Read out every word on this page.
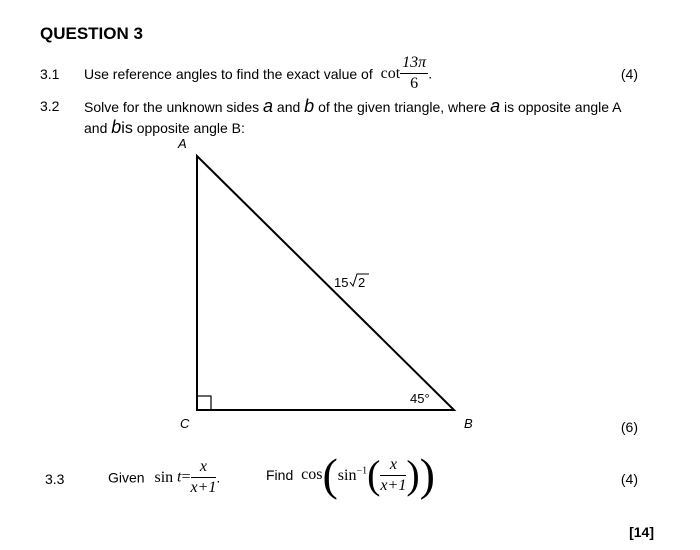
QUESTION 3
3.1 Use reference angles to find the exact value of $\cot \frac{13\pi}{6}$ .	(4)
3.2 Solve for the unknown sides a and b of the given triangle, where a is opposite angle A
and bis opposite angle B:
(6)
A
C	B
15 2
45°
3.3	Given $\sin t= \frac{x}{x+1}$ .	Find $\cos(\sin^{-1}( \frac{x}{x+1}$ ))	(4)
[14]
